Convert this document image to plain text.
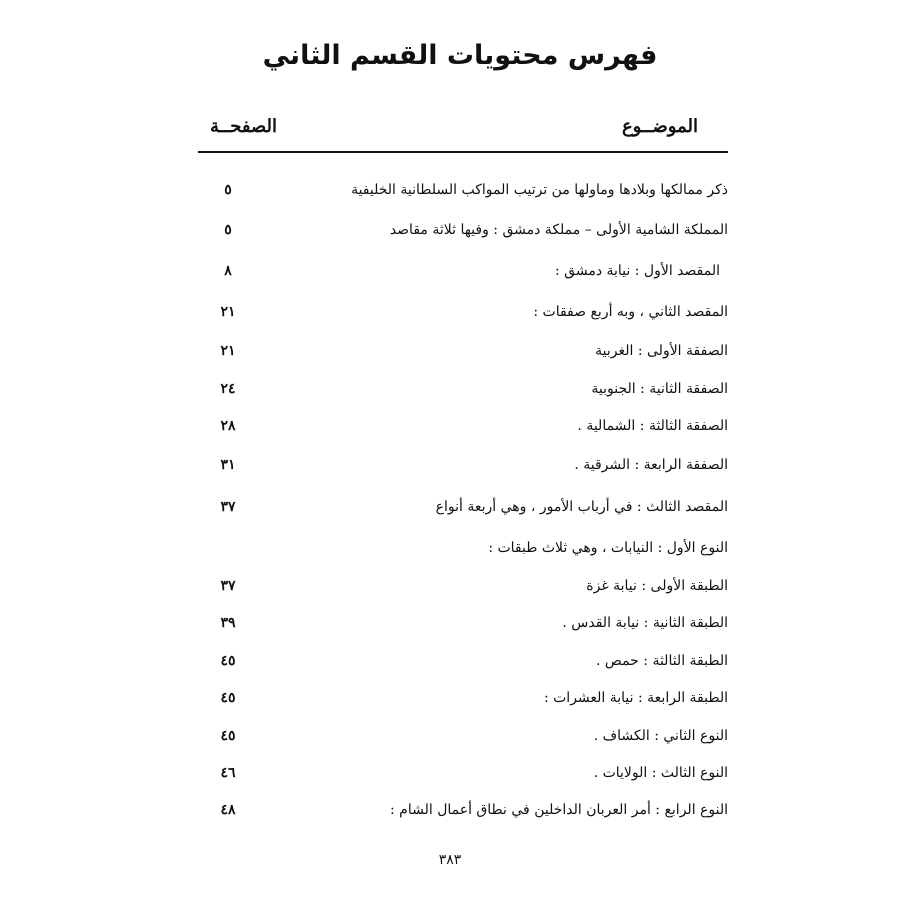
فهرس محتويات القسم الثاني
الموضــوع
الصفحــة
ذكر ممالكها وبلادها وماولها من ترتيب المواكب السلطانية الخليفية
٥
المملكة الشامية الأولى – مملكة دمشق : وفيها ثلاثة مقاصد
٥
المقصد الأول : نيابة دمشق :
٨
المقصد الثاني ، وبه أربع صفقات :
٢١
الصفقة الأولى : الغربية
٢١
الصفقة الثانية : الجنوبية
٢٤
الصفقة الثالثة : الشمالية .
٢٨
الصفقة الرابعة : الشرقية .
٣١
المقصد الثالث : في أرباب الأمور ، وهي أربعة أنواع
٣٧
النوع الأول : النيابات ، وهي ثلاث طبقات :
الطبقة الأولى : نيابة غزة
٣٧
الطبقة الثانية : نيابة القدس .
٣٩
الطبقة الثالثة : حمص .
٤٥
الطبقة الرابعة : نيابة العشرات :
٤٥
النوع الثاني : الكشاف .
٤٥
النوع الثالث : الولايات .
٤٦
النوع الرابع : أمر العربان الداخلين في نطاق أعمال الشام :
٤٨
٣٨٣
